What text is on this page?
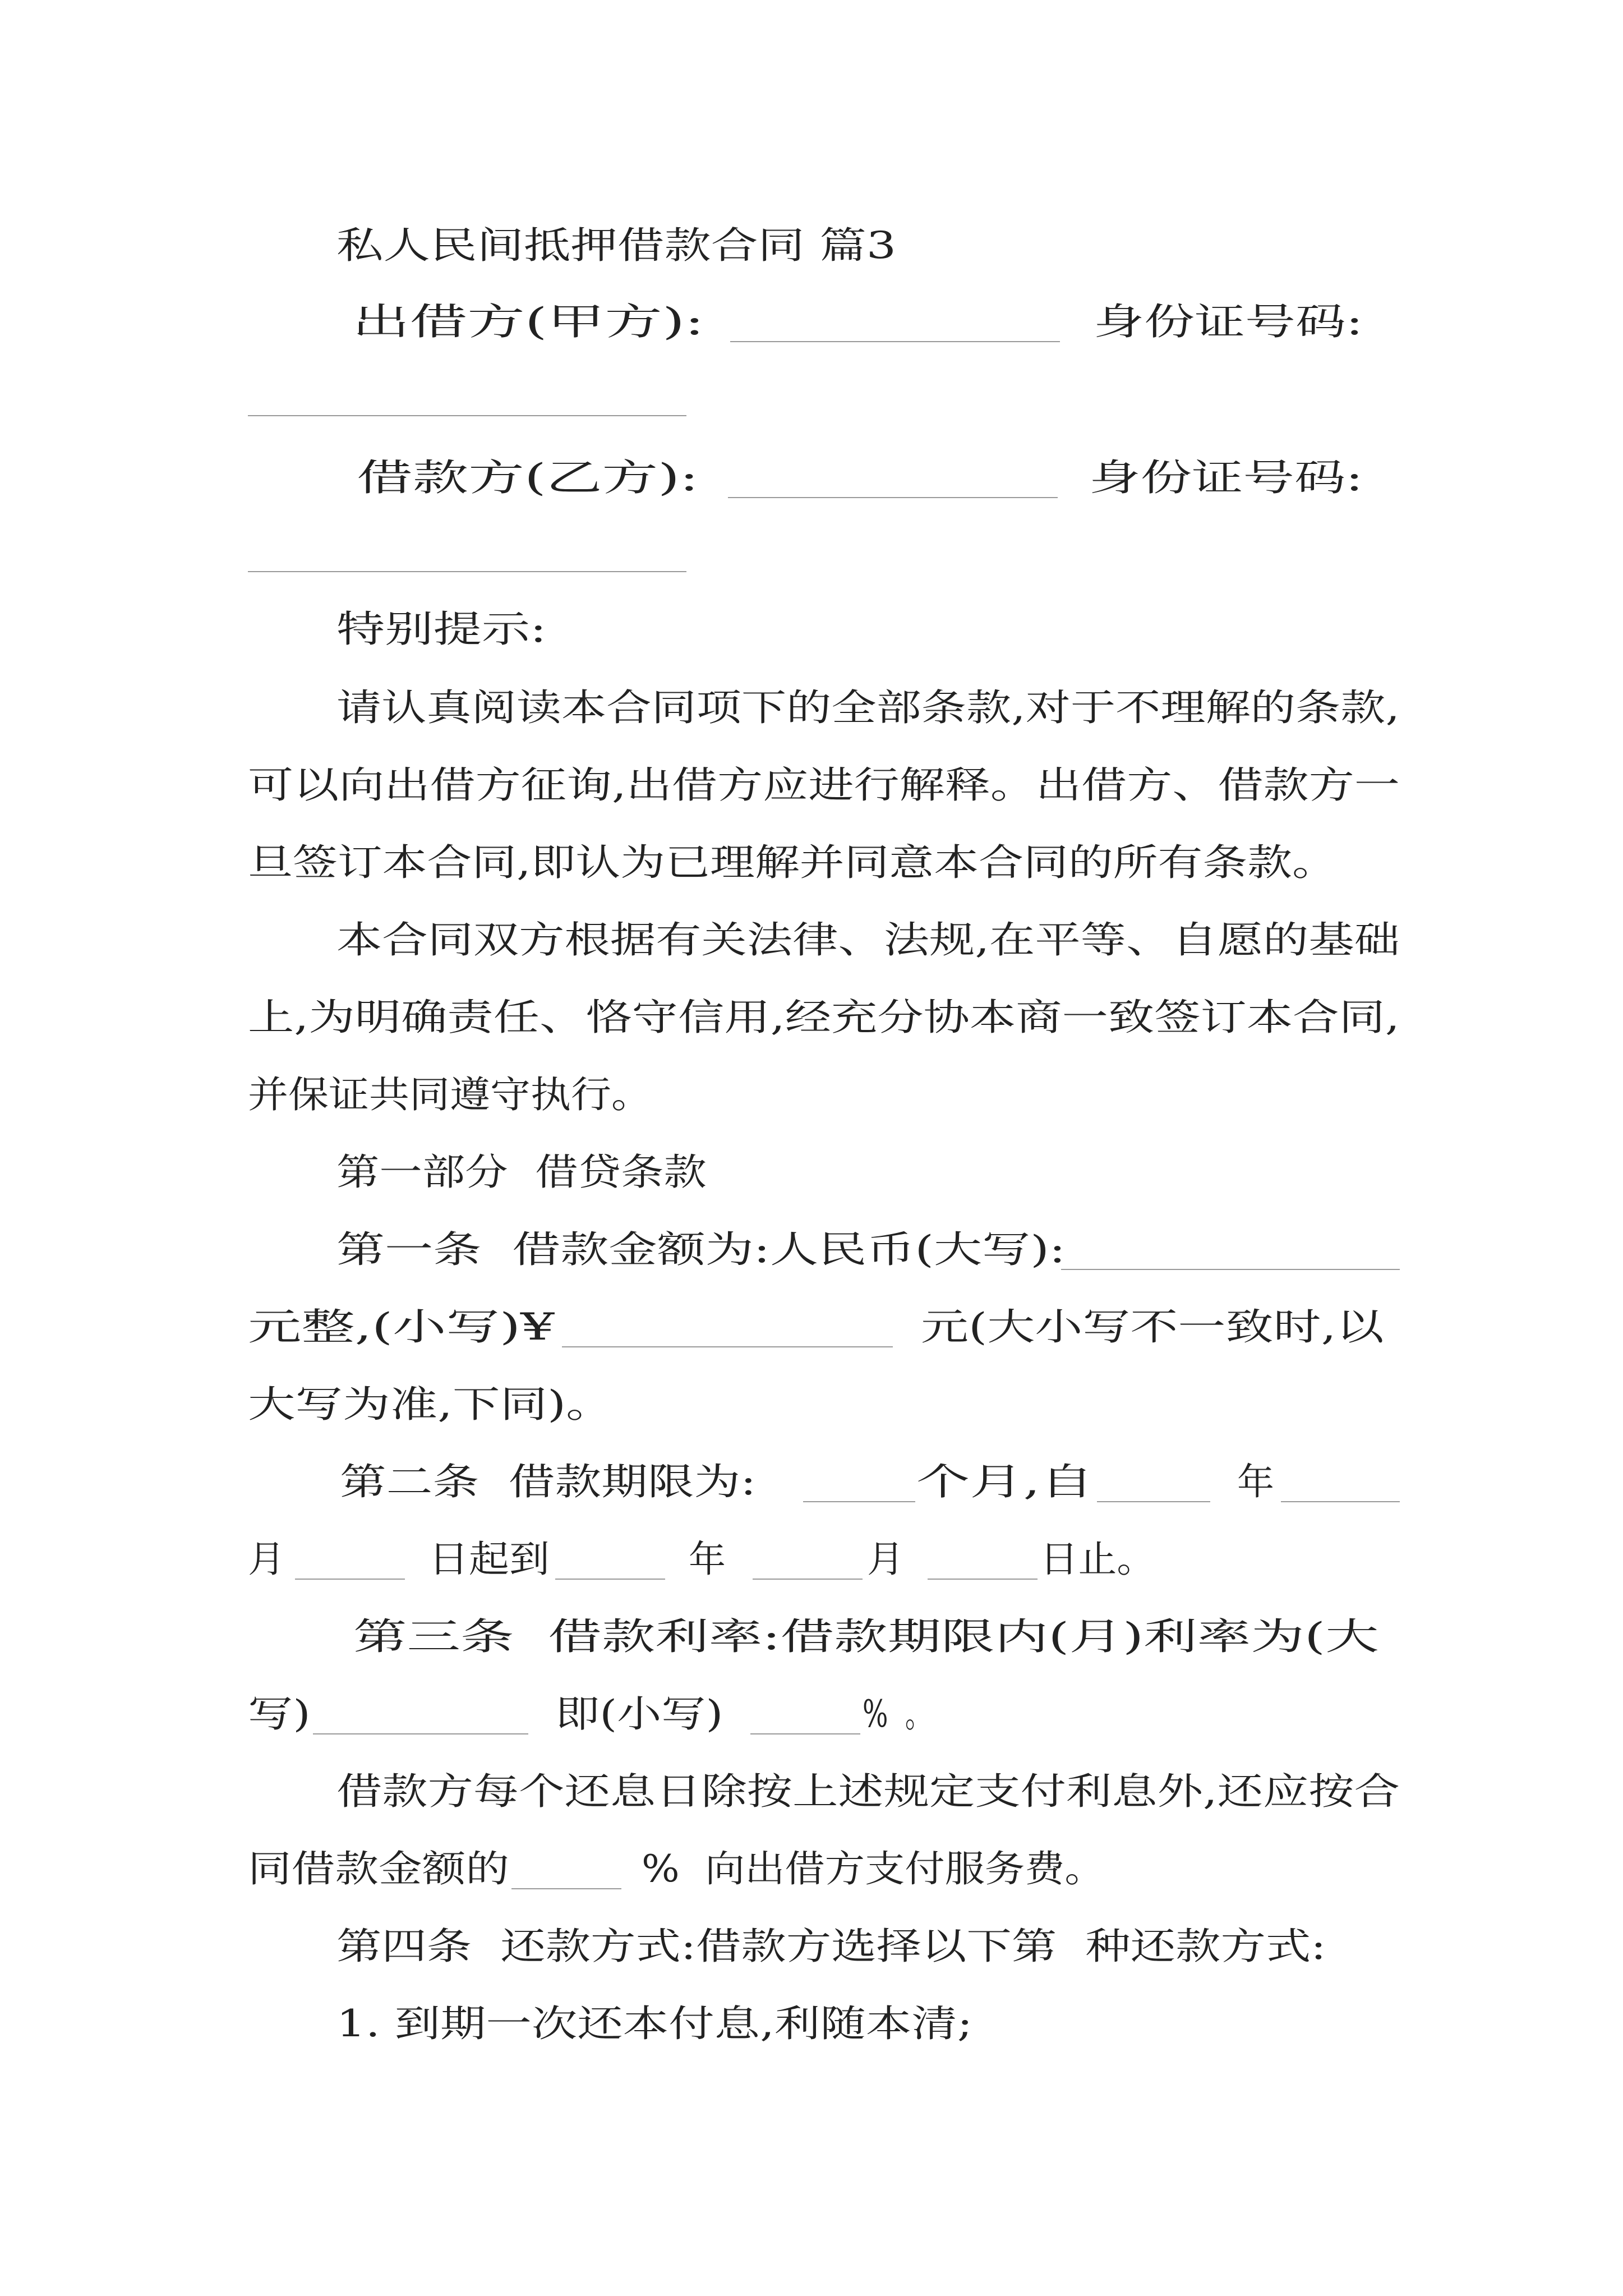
私人民间抵押借款合同 篇3
出借方(甲方):	身份证号码:
借款方(乙方):	身份证号码:
特别提示:
请认真阅读本合同项下的全部条款,对于不理解的条款,
可以向出借方征询,出借方应进行解释。出借方、借款方一
旦签订本合同,即认为已理解并同意本合同的所有条款。
本合同双方根据有关法律、法规,在平等、自愿的基础
上,为明确责任、恪守信用,经充分协本商一致签订本合同,
并保证共同遵守执行。
第一部分  借贷条款
第一条  借款金额为:人民币(大写):
元整,(小写)¥	元(大小写不一致时,以
大写为准,下同)。
第二条  借款期限为:	个月,自	年
月	日起到	年	月	日止。
第三条  借款利率:借款期限内(月)利率为(大
写)	即(小写)	%  。
借款方每个还息日除按上述规定支付利息外,还应按合
同借款金额的	%  向出借方支付服务费。
第四条  还款方式:借款方选择以下第  种还款方式:
1. 到期一次还本付息,利随本清;
